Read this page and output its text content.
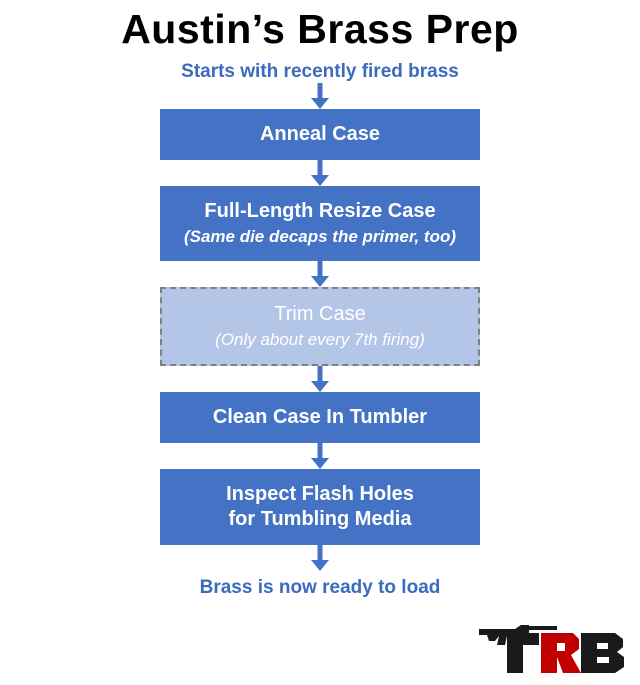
Austin’s Brass Prep
Starts with recently fired brass
Anneal Case
Full-Length Resize Case
(Same die decaps the primer, too)
Trim Case
(Only about every 7th firing)
Clean Case In Tumbler
Inspect Flash Holes
for Tumbling Media
Brass is now ready to load
